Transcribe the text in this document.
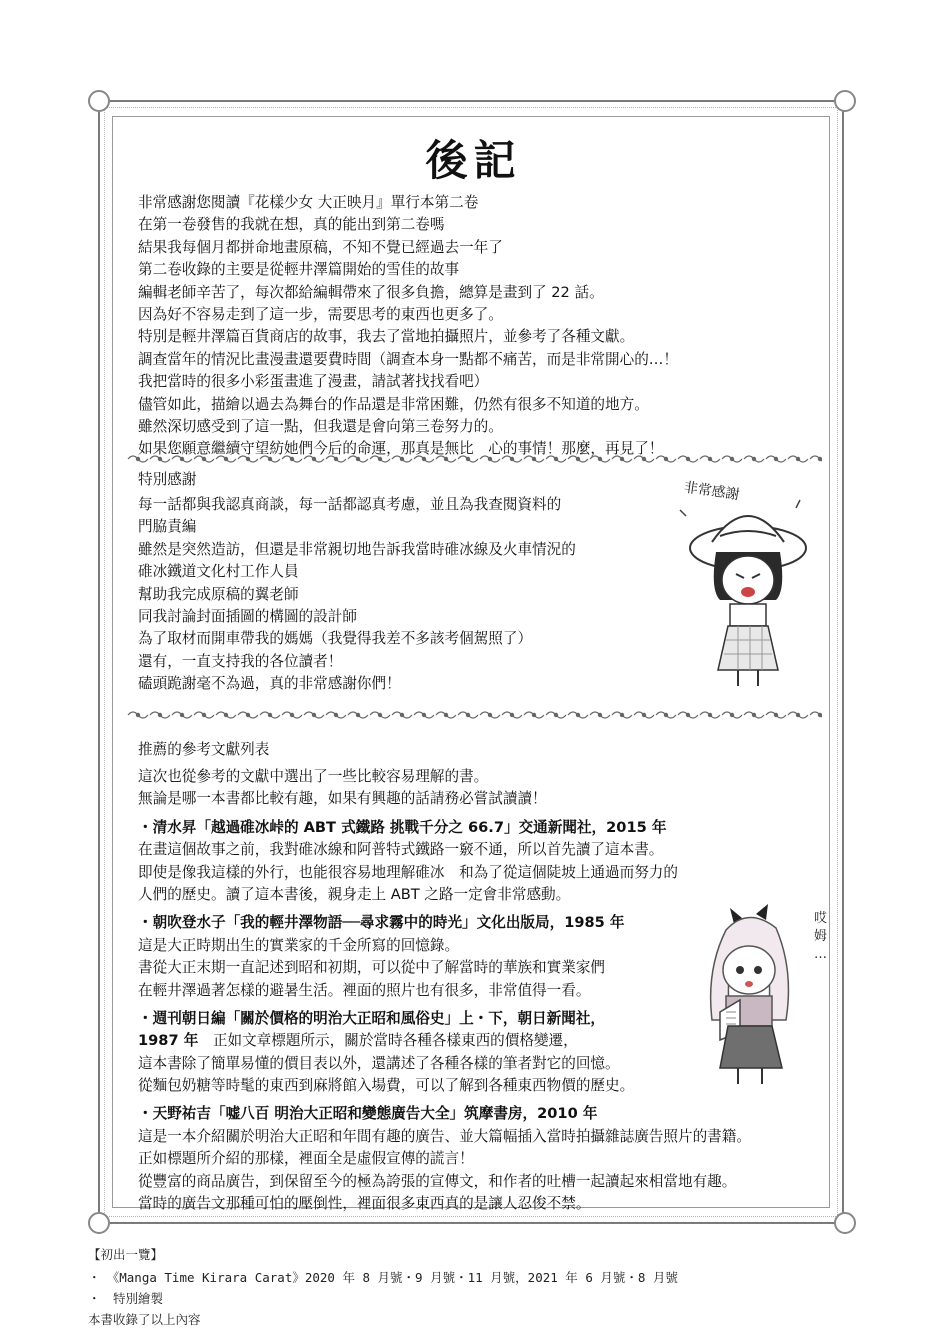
後記
非常感謝您閱讀『花樣少女 大正映月』單行本第二卷
在第一卷發售的我就在想，真的能出到第二卷嗎
結果我每個月都拼命地畫原稿，不知不覺已經過去一年了
第二卷收錄的主要是從輕井澤篇開始的雪佳的故事
編輯老師辛苦了，每次都給編輯帶來了很多負擔，總算是畫到了 22 話。
因為好不容易走到了這一步，需要思考的東西也更多了。
特別是輕井澤篇百貨商店的故事，我去了當地拍攝照片，並參考了各種文獻。
調查當年的情況比畫漫畫還要費時間（調查本身一點都不痛苦，而是非常開心的…！
我把當時的很多小彩蛋畫進了漫畫，請試著找找看吧）
儘管如此，描繪以過去為舞台的作品還是非常困難，仍然有很多不知道的地方。
雖然深切感受到了這一點，但我還是會向第三卷努力的。
如果您願意繼續守望紡她們今后的命運，那真是無比　心的事情！那麼，再見了！
特別感謝
每一話都與我認真商談，每一話都認真考慮，並且為我查閱資料的
門脇責編
雖然是突然造訪，但還是非常親切地告訴我當時碓冰線及火車情況的
碓冰鐵道文化村工作人員
幫助我完成原稿的翼老師
同我討論封面插圖的構圖的設計師
為了取材而開車帶我的媽媽（我覺得我差不多該考個駕照了）
還有，一直支持我的各位讀者！
磕頭跪謝毫不為過，真的非常感謝你們！
非常感謝
推薦的參考文獻列表
這次也從參考的文獻中選出了一些比較容易理解的書。
無論是哪一本書都比較有趣，如果有興趣的話請務必嘗試讀讀！
・清水昇「越過碓冰峠的 ABT 式鐵路 挑戰千分之 66.7」交通新聞社，2015 年
在畫這個故事之前，我對碓冰線和阿普特式鐵路一竅不通，所以首先讀了這本書。
即使是像我這樣的外行，也能很容易地理解碓冰　和為了從這個陡坡上通過而努力的
人們的歷史。讀了這本書後，親身走上 ABT 之路一定會非常感動。
・朝吹登水子「我的輕井澤物語──尋求霧中的時光」文化出版局，1985 年
這是大正時期出生的實業家的千金所寫的回憶錄。
書從大正末期一直記述到昭和初期，可以從中了解當時的華族和實業家們
在輕井澤過著怎樣的避暑生活。裡面的照片也有很多，非常值得一看。
・週刊朝日編「關於價格的明治大正昭和風俗史」上・下，朝日新聞社，
1987 年　正如文章標題所示，關於當時各種各樣東西的價格變遷，
這本書除了簡單易懂的價目表以外，還講述了各種各樣的筆者對它的回憶。
從麵包奶糖等時髦的東西到麻將館入場費，可以了解到各種東西物價的歷史。
・天野祐吉「嘘八百 明治大正昭和變態廣告大全」筑摩書房，2010 年
這是一本介紹關於明治大正昭和年間有趣的廣告、並大篇幅插入當時拍攝雜誌廣告照片的書籍。
正如標題所介紹的那樣，裡面全是虛假宣傳的謊言！
從豐富的商品廣告，到保留至今的極為誇張的宣傳文，和作者的吐槽一起讀起來相當地有趣。
當時的廣告文那種可怕的壓倒性，裡面很多東西真的是讓人忍俊不禁。
哎
姆
…
【初出一覽】
・　《Manga Time Kirara Carat》2020 年 8 月號・9 月號・11 月號，2021 年 6 月號・8 月號
・　特別繪製
本書收錄了以上內容
